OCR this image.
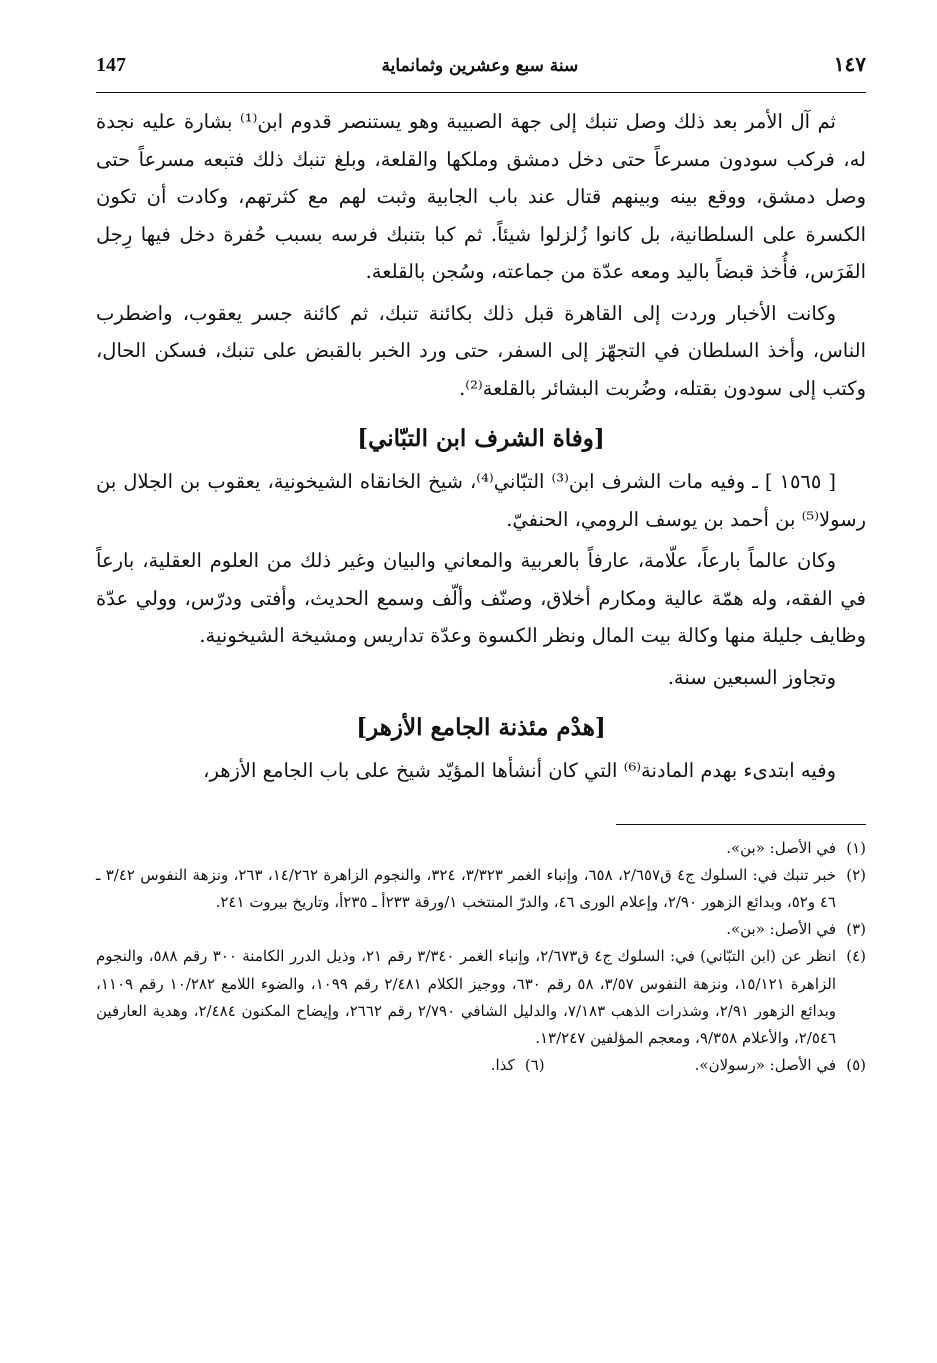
١٤٧
سنة سبع وعشرين وثمانماية
147

ثم آل الأمر بعد ذلك وصل تنبك إلى جهة الصبيبة وهو يستنصر قدوم ابن⁽¹⁾ بشارة عليه نجدة له، فركب سودون مسرعاً حتى دخل دمشق وملكها والقلعة، وبلغ تنبك ذلك فتبعه مسرعاً حتى وصل دمشق، ووقع بينه وبينهم قتال عند باب الجابية وثبت لهم مع كثرتهم، وكادت أن تكون الكسرة على السلطانية، بل كانوا زُلزلوا شيئاً. ثم كبا بتنبك فرسه بسبب حُفرة دخل فيها رِجل الفَرَس، فأُخذ قبضاً باليد ومعه عدّة من جماعته، وسُجن بالقلعة.

وكانت الأخبار وردت إلى القاهرة قبل ذلك بكائنة تنبك، ثم كائنة جسر يعقوب، واضطرب الناس، وأخذ السلطان في التجهّز إلى السفر، حتى ورد الخبر بالقبض على تنبك، فسكن الحال، وكتب إلى سودون بقتله، وضُربت البشائر بالقلعة⁽²⁾.

[وفاة الشرف ابن التبّاني]

[ ١٥٦٥ ] ـ وفيه مات الشرف ابن⁽³⁾ التبّاني⁽⁴⁾، شيخ الخانقاه الشيخونية، يعقوب بن الجلال بن رسولا⁽⁵⁾ بن أحمد بن يوسف الرومي، الحنفيّ.

وكان عالماً بارعاً، علّامة، عارفاً بالعربية والمعاني والبيان وغير ذلك من العلوم العقلية، بارعاً في الفقه، وله همّة عالية ومكارم أخلاق، وصنّف وألّف وسمع الحديث، وأفتى ودرّس، وولي عدّة وظايف جليلة منها وكالة بيت المال ونظر الكسوة وعدّة تداريس ومشيخة الشيخونية.

وتجاوز السبعين سنة.

[هدْم مئذنة الجامع الأزهر]

وفيه ابتدىء بهدم المادنة⁽⁶⁾ التي كان أنشأها المؤيّد شيخ على باب الجامع الأزهر،

(١)
في الأصل: «بن».
(٢)
خبر تنبك في: السلوك ج٤ ق٢/٦٥٧، ٦٥٨، وإنباء الغمر ٣/٣٢٣، ٣٢٤، والنجوم الزاهرة ١٤/٢٦٢، ٢٦٣، ونزهة النفوس ٣/٤٢ ـ ٤٦ و٥٢، وبدائع الزهور ٢/٩٠، وإعلام الورى ٤٦، والدرّ المنتخب ١/ورقة ٢٣٣أ ـ ٢٣٥أ، وتاريخ بيروت ٢٤١.
(٣)
في الأصل: «بن».
(٤)
انظر عن (ابن التبّاني) في: السلوك ج٤ ق٢/٦٧٣، وإنباء الغمر ٣/٣٤٠ رقم ٢١، وذيل الدرر الكامنة ٣٠٠ رقم ٥٨٨، والنجوم الزاهرة ١٥/١٢١، ونزهة النفوس ٣/٥٧، ٥٨ رقم ٦٣٠، ووجيز الكلام ٢/٤٨١ رقم ١٠٩٩، والضوء اللامع ١٠/٢٨٢ رقم ١١٠٩، وبدائع الزهور ٢/٩١، وشذرات الذهب ٧/١٨٣، والدليل الشافي ٢/٧٩٠ رقم ٢٦٦٢، وإيضاح المكنون ٢/٤٨٤، وهدية العارفين ٢/٥٤٦، والأعلام ٩/٣٥٨، ومعجم المؤلفين ١٣/٢٤٧.
(٥)
في الأصل: «رسولان».
(٦)
كذا.
